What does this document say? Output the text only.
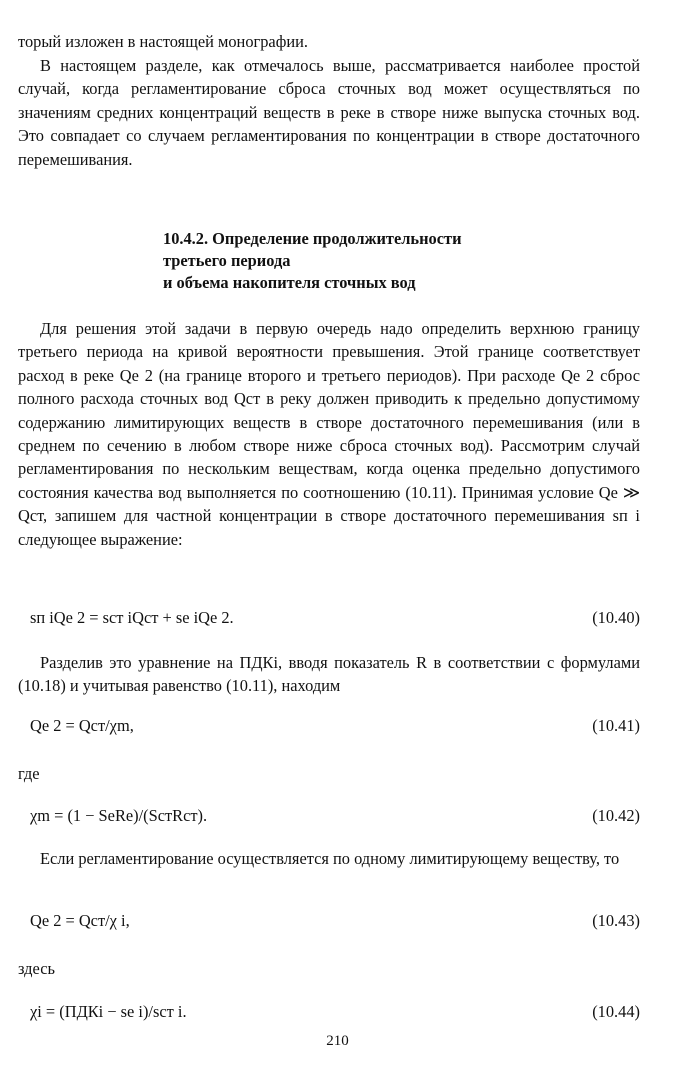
торый изложен в настоящей монографии.

В настоящем разделе, как отмечалось выше, рассматривается наиболее простой случай, когда регламентирование сброса сточных вод может осуществляться по значениям средних концентраций веществ в реке в створе ниже выпуска сточных вод. Это совпадает со случаем регламентирования по концентрации в створе достаточного перемешивания.

10.4.2. Определение продолжительности
третьего периода
и объема накопителя сточных вод

Для решения этой задачи в первую очередь надо определить верхнюю границу третьего периода на кривой вероятности превышения. Этой границе соответствует расход в реке Qe 2 (на границе второго и третьего периодов). При расходе Qe 2 сброс полного расхода сточных вод Qст в реку должен приводить к предельно допустимому содержанию лимитирующих веществ в створе достаточного перемешивания (или в среднем по сечению в любом створе ниже сброса сточных вод). Рассмотрим случай регламентирования по нескольким веществам, когда оценка предельно допустимого состояния качества вод выполняется по соотношению (10.11). Принимая условие Qe ≫ Qст, запишем для частной концентрации в створе достаточного перемешивания sп i следующее выражение:

sп iQe 2 = sст iQст + se iQe 2.	(10.40)

Разделив это уравнение на ПДКi, вводя показатель R в соответствии с формулами (10.18) и учитывая равенство (10.11), находим

Qe 2 = Qст/χm,	(10.41)

где

χm = (1 − SeRe)/(SстRст).	(10.42)

Если регламентирование осуществляется по одному лимитирующему веществу, то

Qe 2 = Qст/χ i,	(10.43)

здесь

χi = (ПДКi − se i)/sст i.	(10.44)
210
